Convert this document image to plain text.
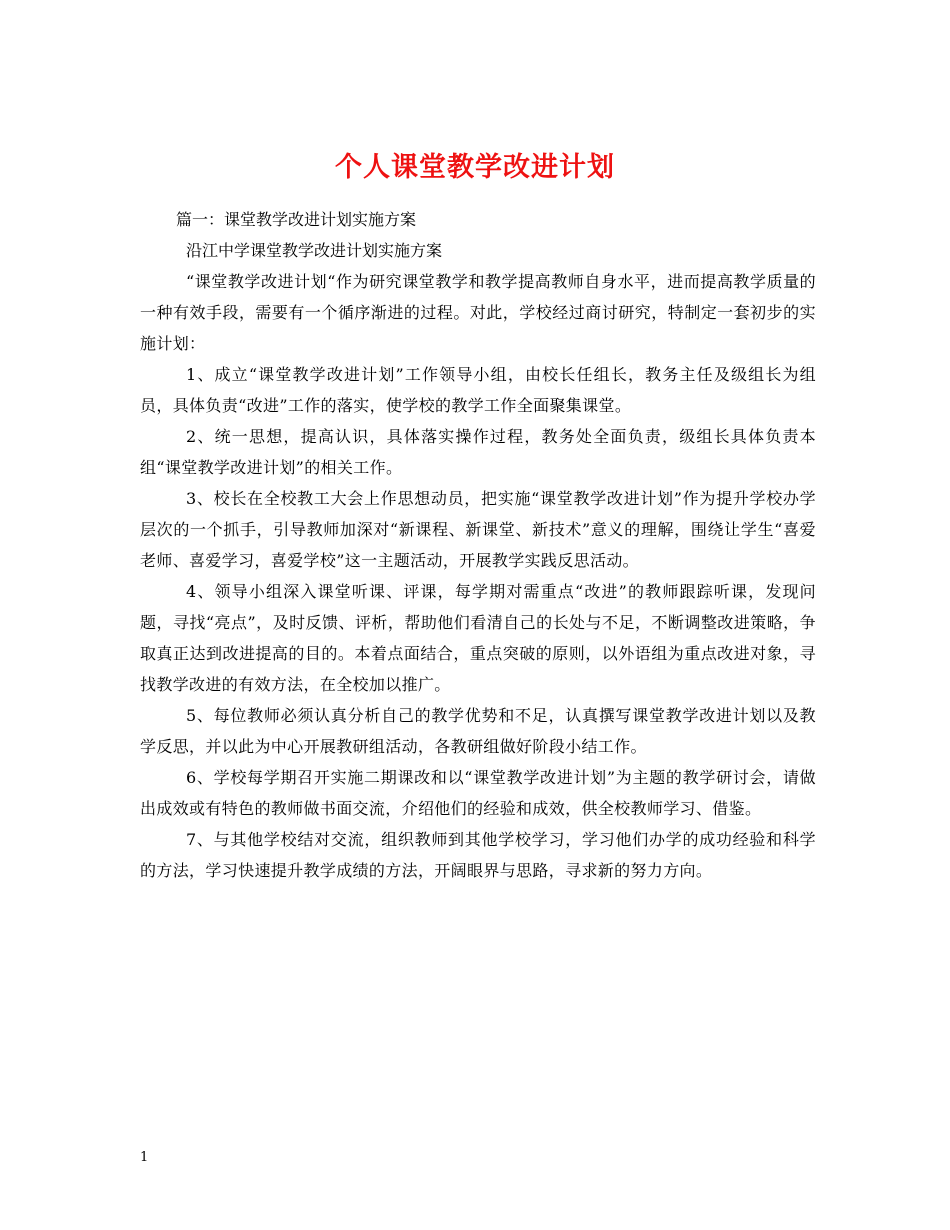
个人课堂教学改进计划

篇一：课堂教学改进计划实施方案

沿江中学课堂教学改进计划实施方案

“课堂教学改进计划“作为研究课堂教学和教学提高教师自身水平，进而提高教学质量的一种有效手段，需要有一个循序渐进的过程。对此，学校经过商讨研究，特制定一套初步的实施计划：

1、成立“课堂教学改进计划”工作领导小组，由校长任组长，教务主任及级组长为组员，具体负责“改进”工作的落实，使学校的教学工作全面聚集课堂。

2、统一思想，提高认识，具体落实操作过程，教务处全面负责，级组长具体负责本组“课堂教学改进计划”的相关工作。

3、校长在全校教工大会上作思想动员，把实施“课堂教学改进计划”作为提升学校办学层次的一个抓手，引导教师加深对“新课程、新课堂、新技术”意义的理解，围绕让学生“喜爱老师、喜爱学习，喜爱学校”这一主题活动，开展教学实践反思活动。

4、领导小组深入课堂听课、评课，每学期对需重点“改进”的教师跟踪听课，发现问题，寻找“亮点”，及时反馈、评析，帮助他们看清自己的长处与不足，不断调整改进策略，争取真正达到改进提高的目的。本着点面结合，重点突破的原则，以外语组为重点改进对象，寻找教学改进的有效方法，在全校加以推广。

5、每位教师必须认真分析自己的教学优势和不足，认真撰写课堂教学改进计划以及教学反思，并以此为中心开展教研组活动，各教研组做好阶段小结工作。

6、学校每学期召开实施二期课改和以“课堂教学改进计划”为主题的教学研讨会，请做出成效或有特色的教师做书面交流，介绍他们的经验和成效，供全校教师学习、借鉴。

7、与其他学校结对交流，组织教师到其他学校学习，学习他们办学的成功经验和科学的方法，学习快速提升教学成绩的方法，开阔眼界与思路，寻求新的努力方向。

1
